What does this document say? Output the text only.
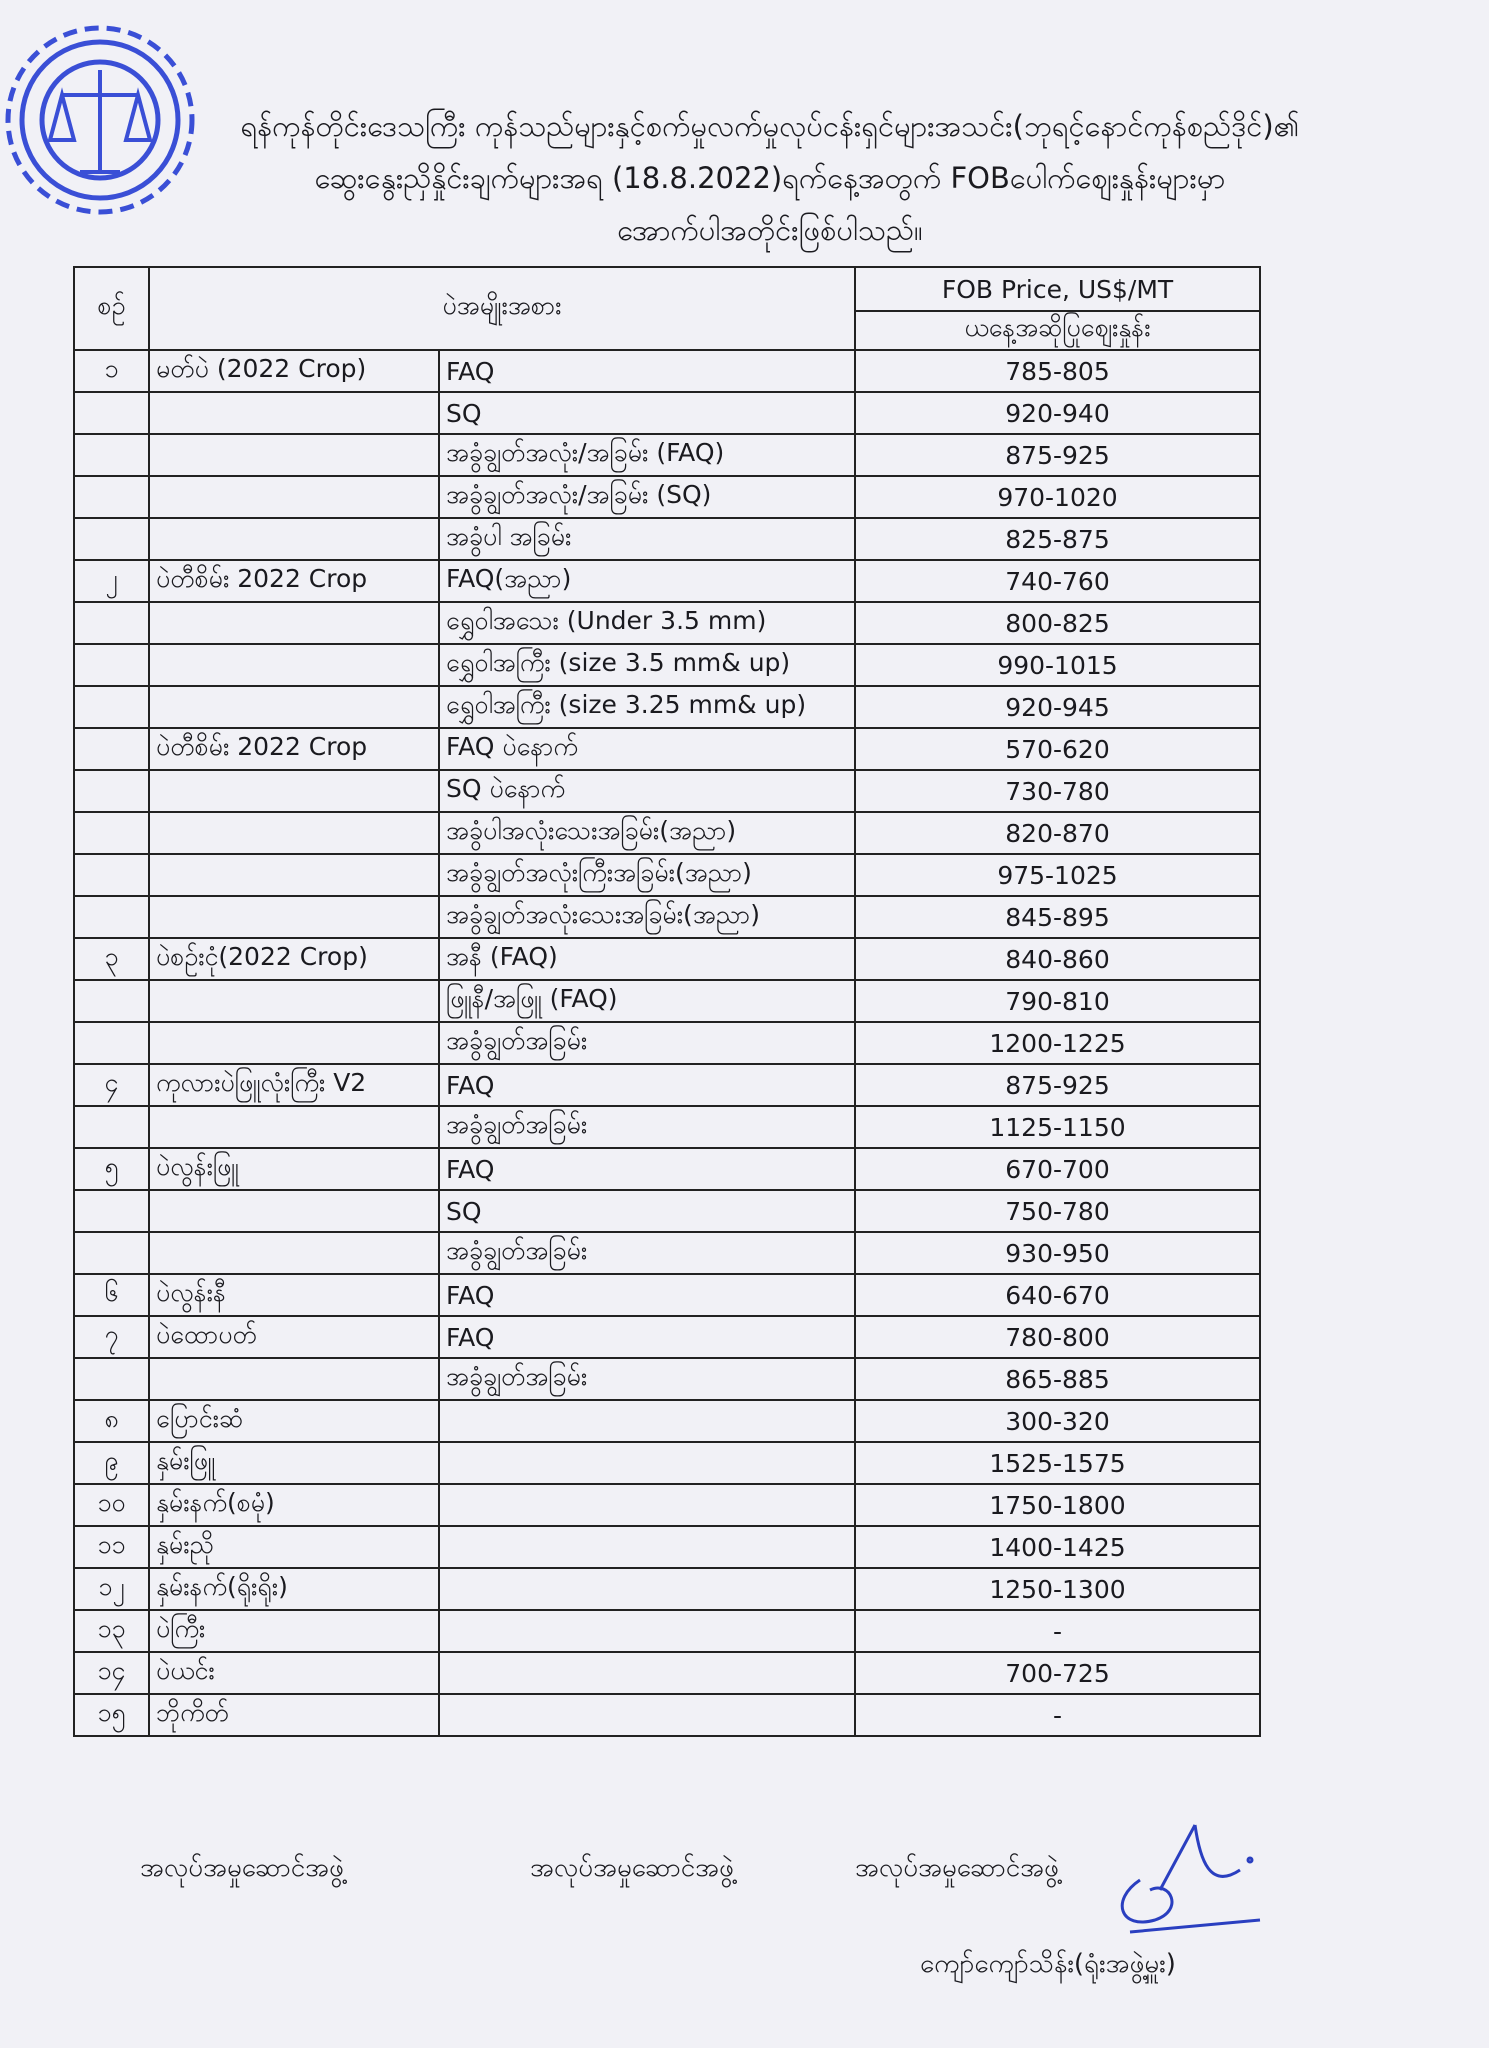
ရန်ကုန်တိုင်းဒေသကြီး ကုန်သည်များနှင့်စက်မှုလက်မှုလုပ်ငန်းရှင်များအသင်း(ဘုရင့်နောင်ကုန်စည်ဒိုင်)၏
ဆွေးနွေးညှိနှိုင်းချက်များအရ (18.8.2022)ရက်နေ့အတွက် FOBပေါက်ဈေးနှုန်းများမှာ
အောက်ပါအတိုင်းဖြစ်ပါသည်။
စဉ်	ပဲအမျိုးအစား		FOB Price, US$/MT
			ယနေ့အဆိုပြုဈေးနှုန်း
၁	မတ်ပဲ (2022 Crop)	FAQ	785-805
		SQ	920-940
		အခွံချွတ်အလုံး/အခြမ်း (FAQ)	875-925
		အခွံချွတ်အလုံး/အခြမ်း (SQ)	970-1020
		အခွံပါ အခြမ်း	825-875
၂	ပဲတီစိမ်း 2022 Crop	FAQ(အညာ)	740-760
		ရွှေဝါအသေး (Under 3.5 mm)	800-825
		ရွှေဝါအကြီး (size 3.5 mm& up)	990-1015
		ရွှေဝါအကြီး (size 3.25 mm& up)	920-945
	ပဲတီစိမ်း 2022 Crop	FAQ ပဲနောက်	570-620
		SQ ပဲနောက်	730-780
		အခွံပါအလုံးသေးအခြမ်း(အညာ)	820-870
		အခွံချွတ်အလုံးကြီးအခြမ်း(အညာ)	975-1025
		အခွံချွတ်အလုံးသေးအခြမ်း(အညာ)	845-895
၃	ပဲစဉ်းငုံ(2022 Crop)	အနီ (FAQ)	840-860
		ဖြူနီ/အဖြူ (FAQ)	790-810
		အခွံချွတ်အခြမ်း	1200-1225
၄	ကုလားပဲဖြူလုံးကြီး V2	FAQ	875-925
		အခွံချွတ်အခြမ်း	1125-1150
၅	ပဲလွန်းဖြူ	FAQ	670-700
		SQ	750-780
		အခွံချွတ်အခြမ်း	930-950
၆	ပဲလွန်းနီ	FAQ	640-670
၇	ပဲထောပတ်	FAQ	780-800
		အခွံချွတ်အခြမ်း	865-885
၈	ပြောင်းဆံ		300-320
၉	နှမ်းဖြူ		1525-1575
၁၀	နှမ်းနက်(စမုံ)		1750-1800
၁၁	နှမ်းညို		1400-1425
၁၂	နှမ်းနက်(ရိုးရိုး)		1250-1300
၁၃	ပဲကြီး		-
၁၄	ပဲယင်း		700-725
၁၅	ဘိုကိတ်		-
အလုပ်အမှုဆောင်အဖွဲ့	အလုပ်အမှုဆောင်အဖွဲ့	အလုပ်အမှုဆောင်အဖွဲ့
ကျော်ကျော်သိန်း(ရုံးအဖွဲ့မှူး)
